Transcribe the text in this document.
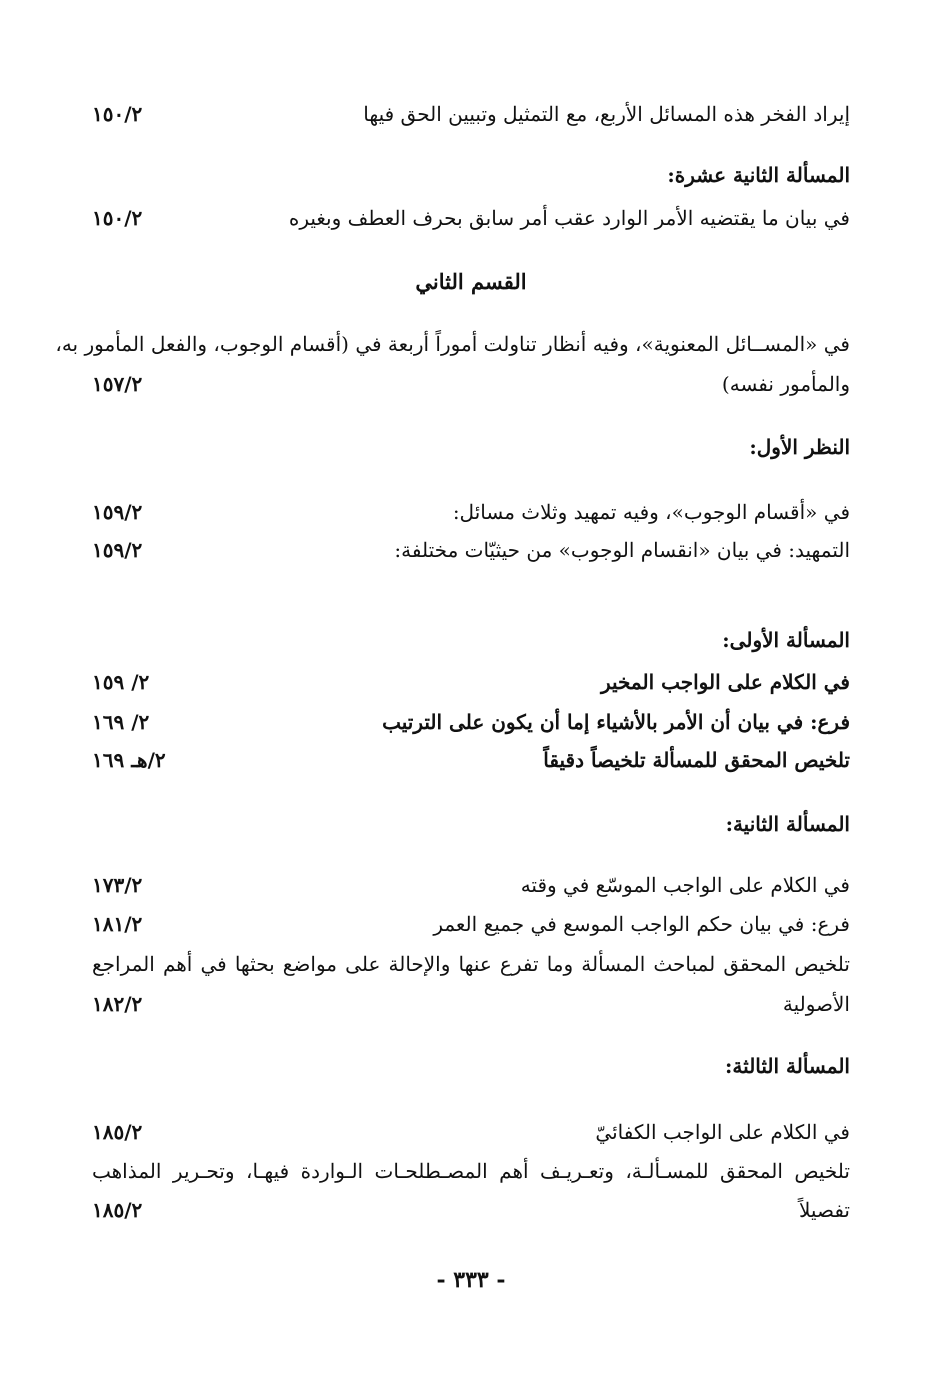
إيراد الفخر هذه المسائل الأربع، مع التمثيل وتبيين الحق فيها
١٥٠/٢
المسألة الثانية عشرة:
في بيان ما يقتضيه الأمر الوارد عقب أمر سابق بحرف العطف وبغيره
١٥٠/٢
القسم الثاني
في «المســائل المعنوية»، وفيه أنظار تناولت أموراً أربعة في (أقسام الوجوب، والفعل المأمور به،
والمأمور نفسه)
١٥٧/٢
النظر الأول:
في «أقسام الوجوب»، وفيه تمهيد وثلاث مسائل:
١٥٩/٢
التمهيد: في بيان «انقسام الوجوب» من حيثيّات مختلفة:
١٥٩/٢
المسألة الأولى:
في الكلام على الواجب المخير
٢/ ١٥٩
فرع: في بيان أن الأمر بالأشياء إما أن يكون على الترتيب
٢/ ١٦٩
تلخيص المحقق للمسألة تلخيصاً دقيقاً
٢/هـ ١٦٩
المسألة الثانية:
في الكلام على الواجب الموسّع في وقته
١٧٣/٢
فرع: في بيان حكم الواجب الموسع في جميع العمر
١٨١/٢
تلخيص المحقق لمباحث المسألة وما تفرع عنها والإحالة على مواضع بحثها في أهم المراجع
الأصولية
١٨٢/٢
المسألة الثالثة:
في الكلام على الواجب الكفائيّ
١٨٥/٢
تلخيص المحقق للمسـألـة، وتعـريـف أهم المصـطلحـات الـواردة فيهـا، وتحـرير المذاهب
تفصيلاً
١٨٥/٢
- ٣٣٣ -
